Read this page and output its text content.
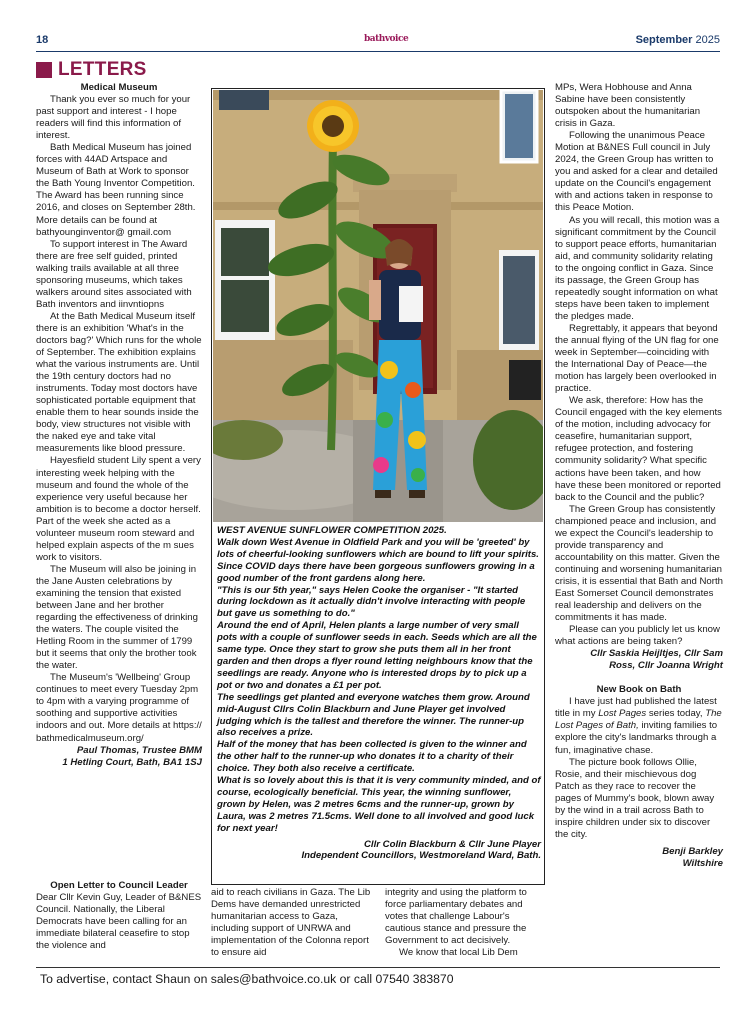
18	bathvoice	September 2025
LETTERS
Medical Museum

Thank you ever so much for your past support and interest - I hope readers will find this information of interest.

Bath Medical Museum has joined forces with 44AD Artspace and Museum of Bath at Work to sponsor the Bath Young Inventor Competition. The Award has been running since 2016, and closes on September 28th. More details can be found at bathyounginventor@ gmail.com

To support interest in The Award there are free self guided, printed walking trails available at all three sponsoring museums, which takes walkers around sites associated with Bath inventors and iinvntiopns

At the Bath Medical Museum itself there is an exhibition 'What's in the doctors bag?' Which runs for the whole of September. The exhibition explains what the various instruments are. Until the 19th century doctors had no instruments. Today most doctors have sophisticated portable equipment that enable them to hear sounds inside the body, view structures not visible with the naked eye and take vital measurements like blood pressure.

Hayesfield student Lily spent a very interesting week helping with the museum and found the whole of the experience very useful because her ambition is to become a doctor herself. Part of the week she acted as a volunteer museum room steward and helped explain aspects of the m sues work to visitors.

The Museum will also be joining in the Jane Austen celebrations by examining the tension that existed between Jane and her brother regarding the effectiveness of drinking the waters. The couple visited the Hetling Room in the summer of 1799 but it seems that only the brother took the water.

The Museum's 'Wellbeing' Group continues to meet every Tuesday 2pm to 4pm with a varying programme of soothing and supportive activities indoors and out. More details at https:// bathmedicalmuseum.org/

Paul Thomas, Trustee BMM

1 Hetling Court, Bath, BA1 1SJ

Open Letter to Council Leader

Dear Cllr Kevin Guy, Leader of B&NES Council. Nationally, the Liberal Democrats have been calling for an immediate bilateral ceasefire to stop the violence and

aid to reach civilians in Gaza. The Lib Dems have demanded unrestricted humanitarian access to Gaza, including support of UNRWA and implementation of the Colonna report to ensure aid

integrity and using the platform to force parliamentary debates and votes that challenge Labour's cautious stance and pressure the Government to act decisively.

We know that local Lib Dem

WEST AVENUE SUNFLOWER COMPETITION 2025.
Walk down West Avenue in Oldfield Park and you will be 'greeted' by lots of cheerful-looking sunflowers which are bound to lift your spirits. Since COVID days there have been gorgeous sunflowers growing in a good number of the front gardens along here.
"This is our 5th year," says Helen Cooke the organiser - "It started during lockdown as it actually didn't involve interacting with people but gave us something to do."
Around the end of April, Helen plants a large number of very small pots with a couple of sunflower seeds in each. Seeds which are all the same type. Once they start to grow she puts them all in her front garden and then drops a flyer round letting neighbours know that the seedlings are ready. Anyone who is interested drops by to pick up a pot or two and donates a £1 per pot.
The seedlings get planted and everyone watches them grow. Around mid-August Cllrs Colin Blackburn and June Player get involved judging which is the tallest and therefore the winner. The runner-up also receives a prize.
Half of the money that has been collected is given to the winner and the other half to the runner-up who donates it to a charity of their choice. They both also receive a certificate.
What is so lovely about this is that it is very community minded, and of course, ecologically beneficial. This year, the winning sunflower, grown by Helen, was 2 metres 6cms and the runner-up, grown by Laura, was 2 metres 71.5cms. Well done to all involved and good luck for next year!
Cllr Colin Blackburn & Cllr June Player
Independent Councillors, Westmoreland Ward, Bath.

MPs, Wera Hobhouse and Anna Sabine have been consistently outspoken about the humanitarian crisis in Gaza.

Following the unanimous Peace Motion at B&NES Full council in July 2024, the Green Group has written to you and asked for a clear and detailed update on the Council's engagement with and actions taken in response to this Peace Motion.

As you will recall, this motion was a significant commitment by the Council to support peace efforts, humanitarian aid, and community solidarity relating to the ongoing conflict in Gaza. Since its passage, the Green Group has repeatedly sought information on what steps have been taken to implement the pledges made.

Regrettably, it appears that beyond the annual flying of the UN flag for one week in September—coinciding with the International Day of Peace—the motion has largely been overlooked in practice.

We ask, therefore: How has the Council engaged with the key elements of the motion, including advocacy for ceasefire, humanitarian support, refugee protection, and fostering community solidarity? What specific actions have been taken, and how have these been monitored or reported back to the Council and the public?

The Green Group has consistently championed peace and inclusion, and we expect the Council's leadership to provide transparency and accountability on this matter. Given the continuing and worsening humanitarian crisis, it is essential that Bath and North East Somerset Council demonstrates real leadership and delivers on the commitments it has made.

Please can you publicly let us know what actions are being taken?

Cllr Saskia Heijltjes, Cllr Sam

Ross, Cllr Joanna Wright

New Book on Bath

I have just had published the latest title in my Lost Pages series today, The Lost Pages of Bath, inviting families to explore the city's landmarks through a fun, imaginative chase.

The picture book follows Ollie, Rosie, and their mischievous dog Patch as they race to recover the pages of Mummy's book, blown away by the wind in a trail across Bath to inspire children under six to discover the city.

Benji Barkley

Wiltshire

To advertise, contact Shaun on sales@bathvoice.co.uk or call 07540 383870
